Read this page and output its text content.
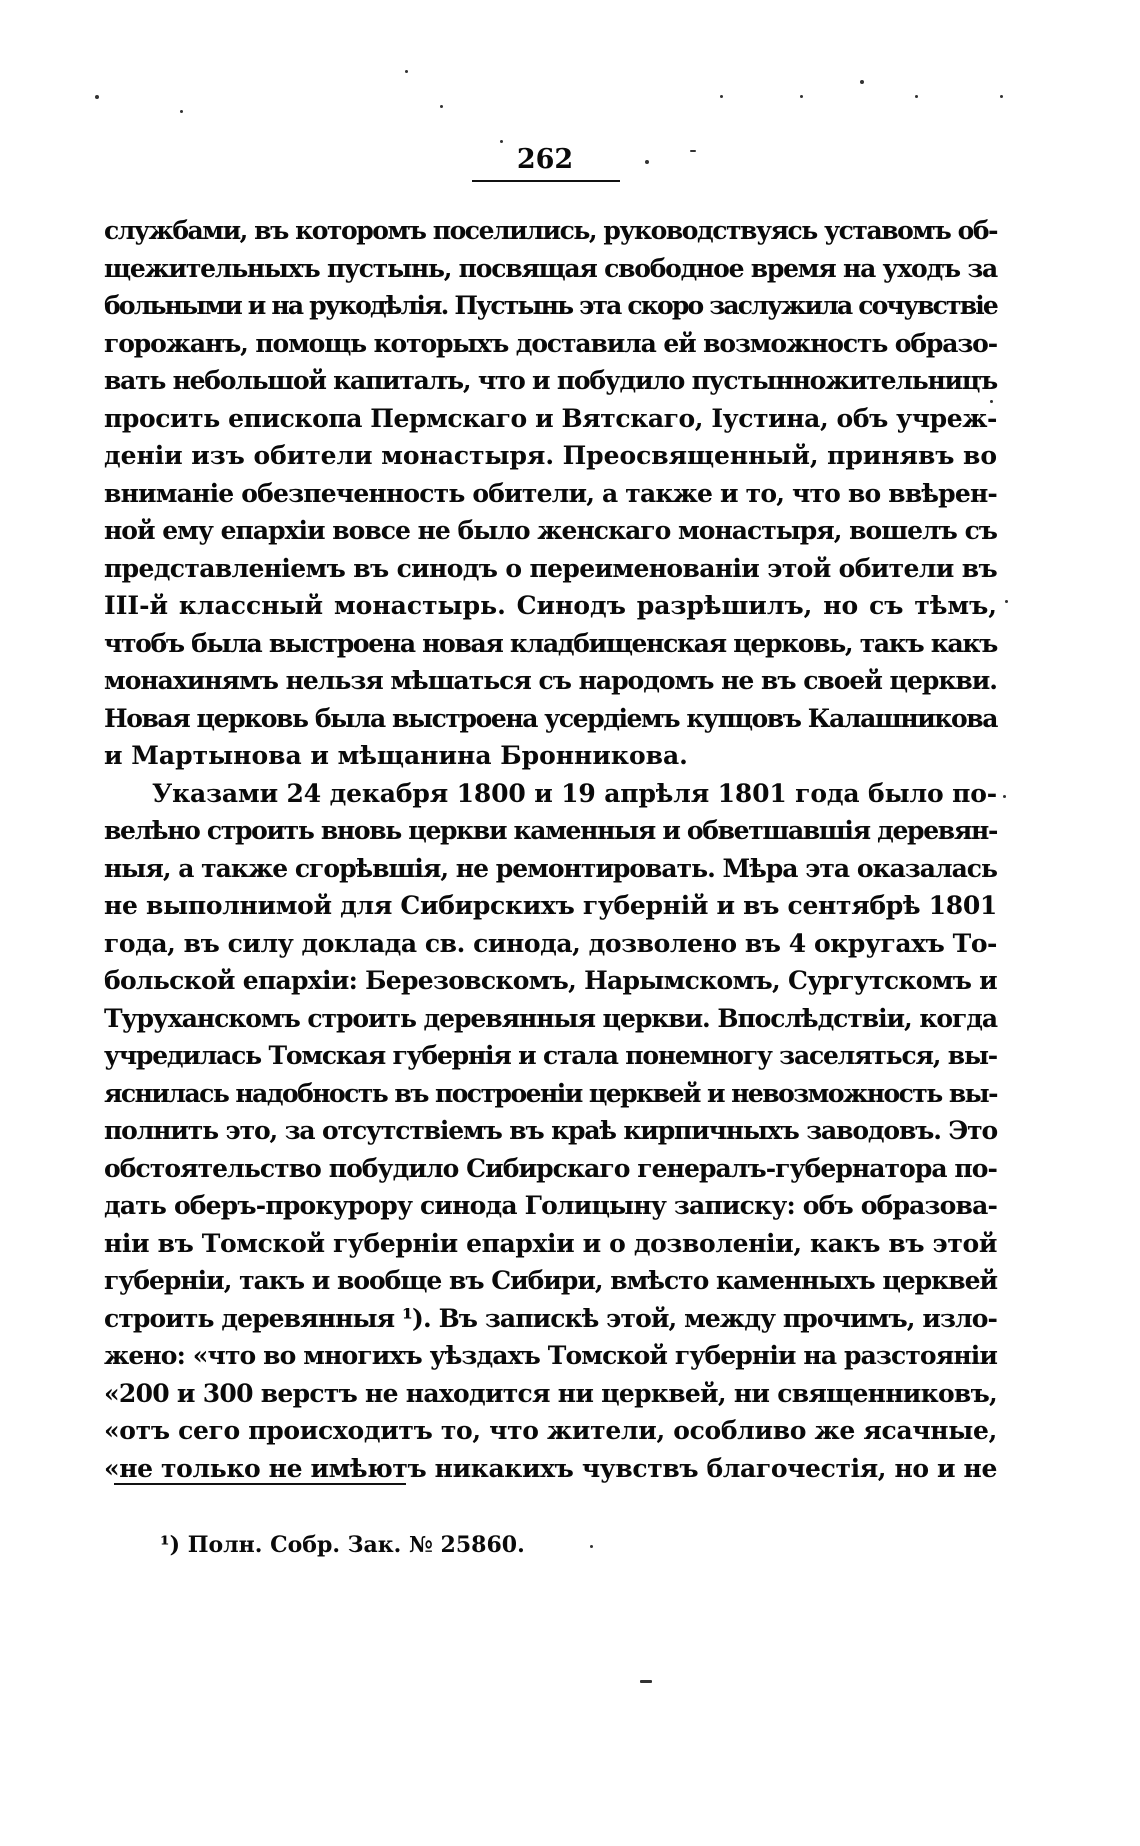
262
службами, въ которомъ поселились, руководствуясь уставомъ об-
щежительныхъ пустынь, посвящая свободное время на уходъ за
больными и на рукодѣлія. Пустынь эта скоро заслужила сочувствіе
горожанъ, помощь которыхъ доставила ей возможность образо-
вать небольшой капиталъ, что и побудило пустынножительницъ
просить епископа Пермскаго и Вятскаго, Іустина, объ учреж-
деніи изъ обители монастыря. Преосвященный, принявъ во
вниманіе обезпеченность обители, а также и то, что во ввѣрен-
ной ему епархіи вовсе не было женскаго монастыря, вошелъ съ
представленіемъ въ синодъ о переименованіи этой обители въ
III-й классный монастырь. Синодъ разрѣшилъ, но съ тѣмъ,
чтобъ была выстроена новая кладбищенская церковь, такъ какъ
монахинямъ нельзя мѣшаться съ народомъ не въ своей церкви.
Новая церковь была выстроена усердіемъ купцовъ Калашникова
и Мартынова и мѣщанина Бронникова.
Указами 24 декабря 1800 и 19 апрѣля 1801 года было по-
велѣно строить вновь церкви каменныя и обветшавшія деревян-
ныя, а также сгорѣвшія, не ремонтировать. Мѣра эта оказалась
не выполнимой для Сибирскихъ губерній и въ сентябрѣ 1801
года, въ силу доклада св. синода, дозволено въ 4 округахъ То-
больской епархіи: Березовскомъ, Нарымскомъ, Сургутскомъ и
Туруханскомъ строить деревянныя церкви. Впослѣдствіи, когда
учредилась Томская губернія и стала понемногу заселяться, вы-
яснилась надобность въ построеніи церквей и невозможность вы-
полнить это, за отсутствіемъ въ краѣ кирпичныхъ заводовъ. Это
обстоятельство побудило Сибирскаго генералъ-губернатора по-
дать оберъ-прокурору синода Голицыну записку: объ образова-
ніи въ Томской губерніи епархіи и о дозволеніи, какъ въ этой
губерніи, такъ и вообще въ Сибири, вмѣсто каменныхъ церквей
строить деревянныя ¹). Въ запискѣ этой, между прочимъ, изло-
жено: «что во многихъ уѣздахъ Томской губерніи на разстояніи
«200 и 300 верстъ не находится ни церквей, ни священниковъ,
«отъ сего происходитъ то, что жители, особливо же ясачные,
«не только не имѣютъ никакихъ чувствъ благочестія, но и не
¹) Полн. Собр. Зак. № 25860.
